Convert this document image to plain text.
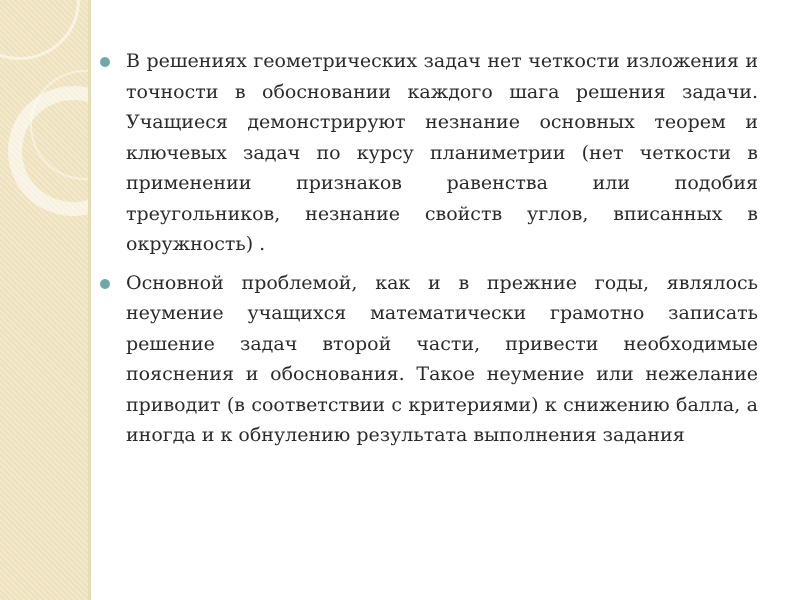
В решениях геометрических задач нет четкости изложения и точности в обосновании каждого шага решения задачи. Учащиеся демонстрируют незнание основных теорем и ключевых задач по курсу планиметрии (нет четкости в применении признаков равенства или подобия треугольников, незнание свойств углов, вписанных в окружность) .
Основной проблемой, как и в прежние годы, являлось неумение учащихся математически грамотно записать решение задач второй части, привести необходимые пояснения и обоснования. Такое неумение или нежелание приводит (в соответствии с критериями) к снижению балла, а иногда и к обнулению результата выполнения задания
